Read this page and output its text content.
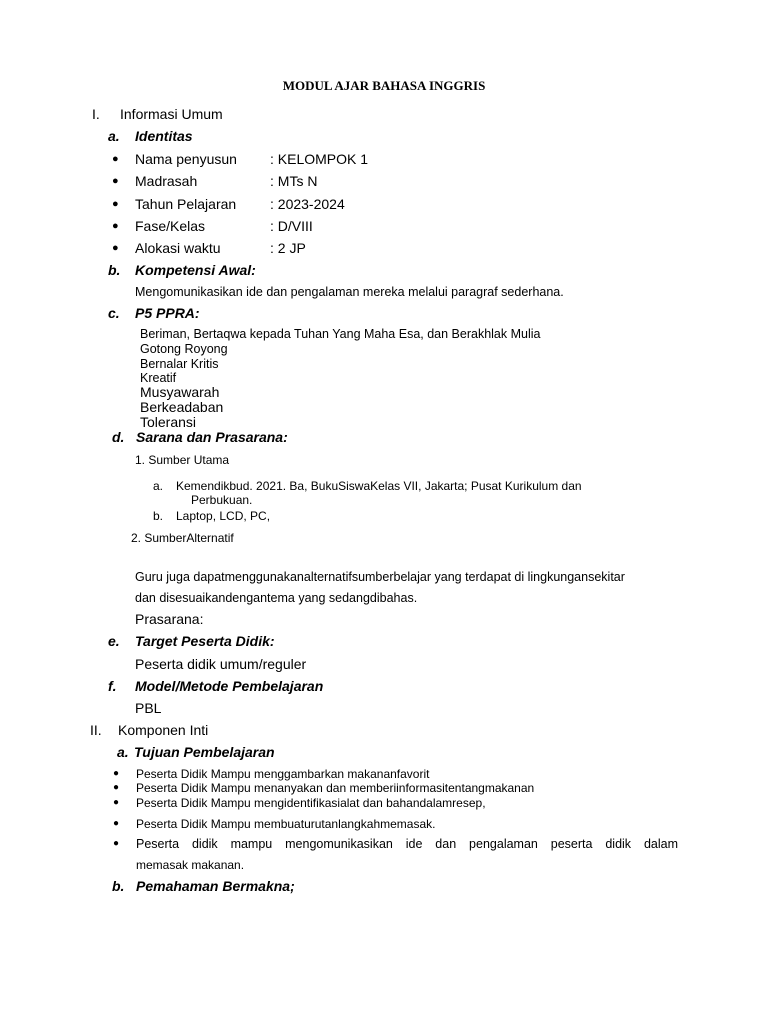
MODUL AJAR BAHASA INGGRIS
I. Informasi Umum
a. Identitas
● Nama penyusun : KELOMPOK 1
● Madrasah	: MTs N
● Tahun Pelajaran : 2023-2024
● Fase/Kelas	: D/VIII
● Alokasi waktu	: 2 JP
b. Kompetensi Awal:
Mengomunikasikan ide dan pengalaman mereka melalui paragraf sederhana.
c. P5 PPRA:
Beriman, Bertaqwa kepada Tuhan Yang Maha Esa, dan Berakhlak Mulia
Gotong Royong
Bernalar Kritis
Kreatif
Musyawarah
Berkeadaban
Toleransi
d. Sarana dan Prasarana:
1. Sumber Utama
a. Kemendikbud. 2021. Ba, BukuSiswaKelas VII, Jakarta; Pusat Kurikulum dan
Perbukuan.
b. Laptop, LCD, PC,
2. SumberAlternatif
Guru juga dapatmenggunakanalternatifsumberbelajar yang terdapat di lingkungansekitar
dan disesuaikandengantema yang sedangdibahas.
Prasarana:
e. Target Peserta Didik:
Peserta didik umum/reguler
f. Model/Metode Pembelajaran
PBL
II. Komponen Inti
a. Tujuan Pembelajaran
● Peserta Didik Mampu menggambarkan makananfavorit
● Peserta Didik Mampu menanyakan dan memberiinformasitentangmakanan
● Peserta Didik Mampu mengidentifikasialat dan bahandalamresep,
● Peserta Didik Mampu membuaturutanlangkahmemasak.
● Peserta didik mampu mengomunikasikan ide dan pengalaman peserta didik dalam
memasak makanan.
b. Pemahaman Bermakna;
